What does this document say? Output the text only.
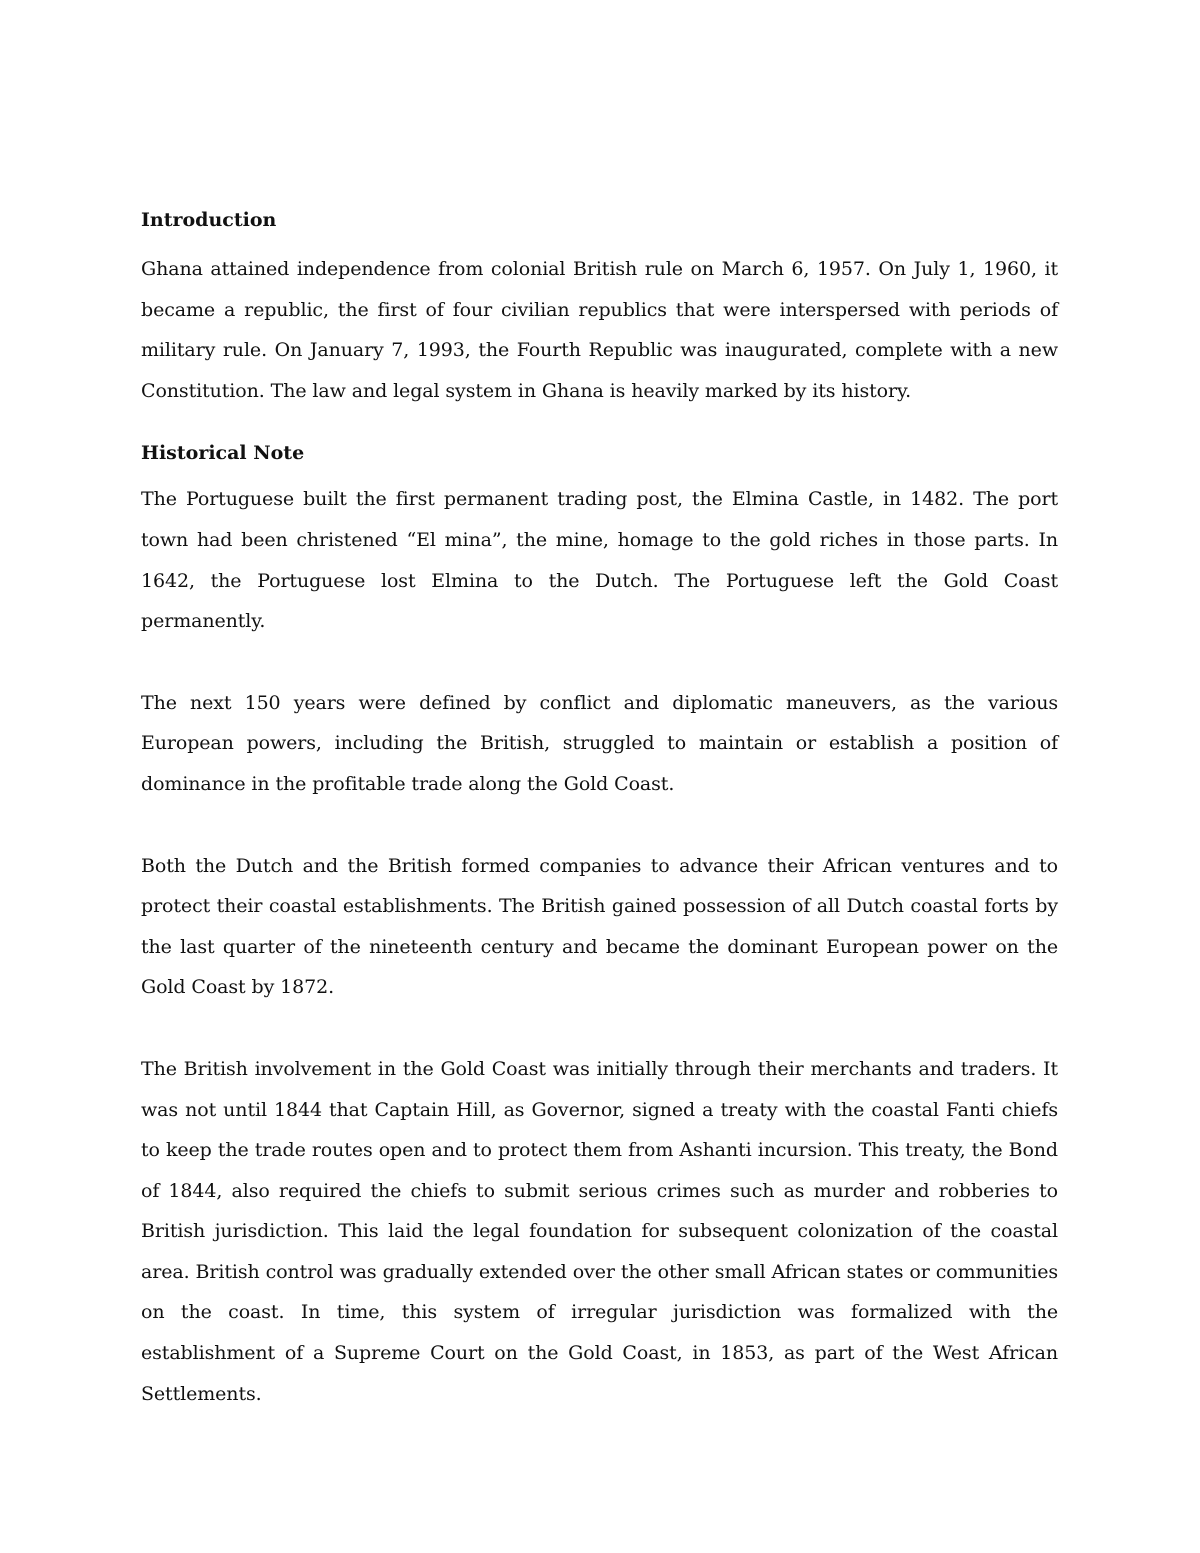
Introduction

Ghana attained independence from colonial British rule on March 6, 1957. On July 1, 1960, it became a republic, the first of four civilian republics that were interspersed with periods of military rule. On January 7, 1993, the Fourth Republic was inaugurated, complete with a new Constitution. The law and legal system in Ghana is heavily marked by its history.

Historical Note

The Portuguese built the first permanent trading post, the Elmina Castle, in 1482. The port town had been christened “El mina”, the mine, homage to the gold riches in those parts. In 1642, the Portuguese lost Elmina to the Dutch. The Portuguese left the Gold Coast permanently.

The next 150 years were defined by conflict and diplomatic maneuvers, as the various European powers, including the British, struggled to maintain or establish a position of dominance in the profitable trade along the Gold Coast.

Both the Dutch and the British formed companies to advance their African ventures and to protect their coastal establishments. The British gained possession of all Dutch coastal forts by the last quarter of the nineteenth century and became the dominant European power on the Gold Coast by 1872.

The British involvement in the Gold Coast was initially through their merchants and traders. It was not until 1844 that Captain Hill, as Governor, signed a treaty with the coastal Fanti chiefs to keep the trade routes open and to protect them from Ashanti incursion. This treaty, the Bond of 1844, also required the chiefs to submit serious crimes such as murder and robberies to British jurisdiction. This laid the legal foundation for subsequent colonization of the coastal area. British control was gradually extended over the other small African states or communities on the coast. In time, this system of irregular jurisdiction was formalized with the establishment of a Supreme Court on the Gold Coast, in 1853, as part of the West African Settlements.
